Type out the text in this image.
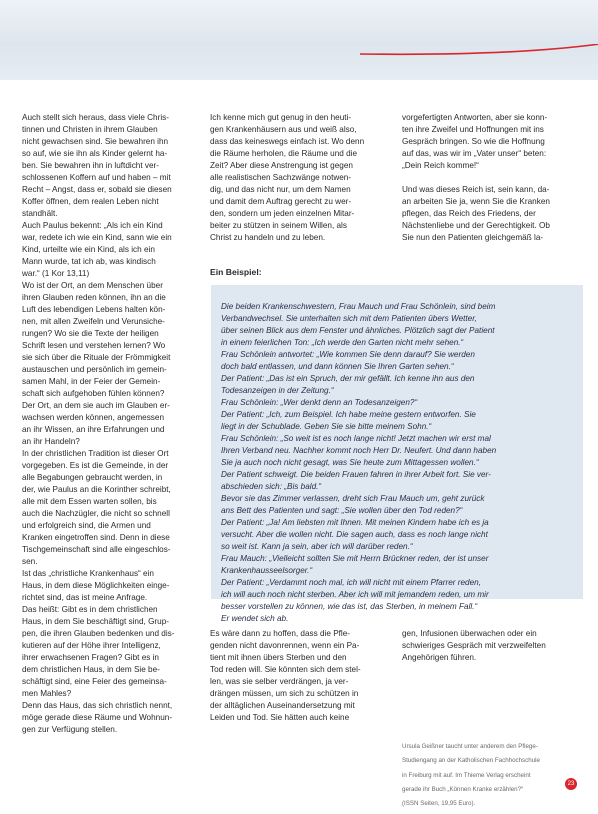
Auch stellt sich heraus, dass viele Chris-

tinnen und Christen in ihrem Glauben

nicht gewachsen sind. Sie bewahren ihn

so auf, wie sie ihn als Kinder gelernt ha-

ben. Sie bewahren ihn in luftdicht ver-

schlossenen Koffern auf und haben – mit

Recht – Angst, dass er, sobald sie diesen

Koffer öffnen, dem realen Leben nicht

standhält.

Auch Paulus bekennt: „Als ich ein Kind

war, redete ich wie ein Kind, sann wie ein

Kind, urteilte wie ein Kind, als ich ein

Mann wurde, tat ich ab, was kindisch

war.“ (1 Kor 13,11)

Wo ist der Ort, an dem Menschen über

ihren Glauben reden können, ihn an die

Luft des lebendigen Lebens halten kön-

nen, mit allen Zweifeln und Verunsiche-

rungen? Wo sie die Texte der heiligen

Schrift lesen und verstehen lernen? Wo

sie sich über die Rituale der Frömmigkeit

austauschen und persönlich im gemein-

samen Mahl, in der Feier der Gemein-

schaft sich aufgehoben fühlen können?

Der Ort, an dem sie auch im Glauben er-

wachsen werden können, angemessen

an ihr Wissen, an ihre Erfahrungen und

an ihr Handeln?

In der christlichen Tradition ist dieser Ort

vorgegeben. Es ist die Gemeinde, in der

alle Begabungen gebraucht werden, in

der, wie Paulus an die Korinther schreibt,

alle mit dem Essen warten sollen, bis

auch die Nachzügler, die nicht so schnell

und erfolgreich sind, die Armen und

Kranken eingetroffen sind. Denn in diese

Tischgemeinschaft sind alle eingeschlos-

sen.

Ist das „christliche Krankenhaus“ ein

Haus, in dem diese Möglichkeiten einge-

richtet sind, das ist meine Anfrage.

Das heißt: Gibt es in dem christlichen

Haus, in dem Sie beschäftigt sind, Grup-

pen, die ihren Glauben bedenken und dis-

kutieren auf der Höhe ihrer Intelligenz,

ihrer erwachsenen Fragen? Gibt es in

dem christlichen Haus, in dem Sie be-

schäftigt sind, eine Feier des gemeinsa-

men Mahles?

Denn das Haus, das sich christlich nennt,

möge gerade diese Räume und Wohnun-

gen zur Verfügung stellen.

Ich kenne mich gut genug in den heuti-

gen Krankenhäusern aus und weiß also,

dass das keineswegs einfach ist. Wo denn

die Räume herholen, die Räume und die

Zeit? Aber diese Anstrengung ist gegen

alle realistischen Sachzwänge notwen-

dig, und das nicht nur, um dem Namen

und damit dem Auftrag gerecht zu wer-

den, sondern um jeden einzelnen Mitar-

beiter zu stützen in seinem Willen, als

Christ zu handeln und zu leben.

vorgefertigten Antworten, aber sie konn-

ten ihre Zweifel und Hoffnungen mit ins

Gespräch bringen. So wie die Hoffnung

auf das, was wir im „Vater unser“ beten:

„Dein Reich komme!“

Und was dieses Reich ist, sein kann, da-

an arbeiten Sie ja, wenn Sie die Kranken

pflegen, das Reich des Friedens, der

Nächstenliebe und der Gerechtigkeit. Ob

Sie nun den Patienten gleichgemäß la-

Ein Beispiel:

Die beiden Krankenschwestern, Frau Mauch und Frau Schönlein, sind beim

Verbandwechsel. Sie unterhalten sich mit dem Patienten übers Wetter,

über seinen Blick aus dem Fenster und ähnliches. Plötzlich sagt der Patient

in einem feierlichen Ton: „Ich werde den Garten nicht mehr sehen.“

Frau Schönlein antwortet: „Wie kommen Sie denn darauf? Sie werden

doch bald entlassen, und dann können Sie Ihren Garten sehen.“

Der Patient: „Das ist ein Spruch, der mir gefällt. Ich kenne ihn aus den

Todesanzeigen in der Zeitung.“

Frau Schönlein: „Wer denkt denn an Todesanzeigen?“

Der Patient: „Ich, zum Beispiel. Ich habe meine gestern entworfen. Sie

liegt in der Schublade. Geben Sie sie bitte meinem Sohn.“

Frau Schönlein: „So weit ist es noch lange nicht! Jetzt machen wir erst mal

Ihren Verband neu. Nachher kommt noch Herr Dr. Neufert. Und dann haben

Sie ja auch noch nicht gesagt, was Sie heute zum Mittagessen wollen.“

Der Patient schweigt. Die beiden Frauen fahren in ihrer Arbeit fort. Sie ver-

abschieden sich: „Bis bald.“

Bevor sie das Zimmer verlassen, dreht sich Frau Mauch um, geht zurück

ans Bett des Patienten und sagt: „Sie wollen über den Tod reden?“

Der Patient: „Ja! Am liebsten mit Ihnen. Mit meinen Kindern habe ich es ja

versucht. Aber die wollen nicht. Die sagen auch, dass es noch lange nicht

so weit ist. Kann ja sein, aber ich will darüber reden.“

Frau Mauch: „Vielleicht sollten Sie mit Herrn Brückner reden, der ist unser

Krankenhausseelsorger.“

Der Patient: „Verdammt noch mal, ich will nicht mit einem Pfarrer reden,

ich will auch noch nicht sterben. Aber ich will mit jemandem reden, um mir

besser vorstellen zu können, wie das ist, das Sterben, in meinem Fall.“

Er wendet sich ab.

Es wäre dann zu hoffen, dass die Pfle-

genden nicht davonrennen, wenn ein Pa-

tient mit ihnen übers Sterben und den

Tod reden will. Sie könnten sich dem stel-

len, was sie selber verdrängen, ja ver-

drängen müssen, um sich zu schützen in

der alltäglichen Auseinandersetzung mit

Leiden und Tod. Sie hätten auch keine

gen, Infusionen überwachen oder ein

schwieriges Gespräch mit verzweifelten

Angehörigen führen.

Ursula Geißner taucht unter anderem den Pflege-

Studiengang an der Katholischen Fachhochschule

in Freiburg mit auf. Im Thieme Verlag erscheint

gerade ihr Buch „Können Kranke erzählen?“

(ISSN Seiten, 19,95 Euro).

23
